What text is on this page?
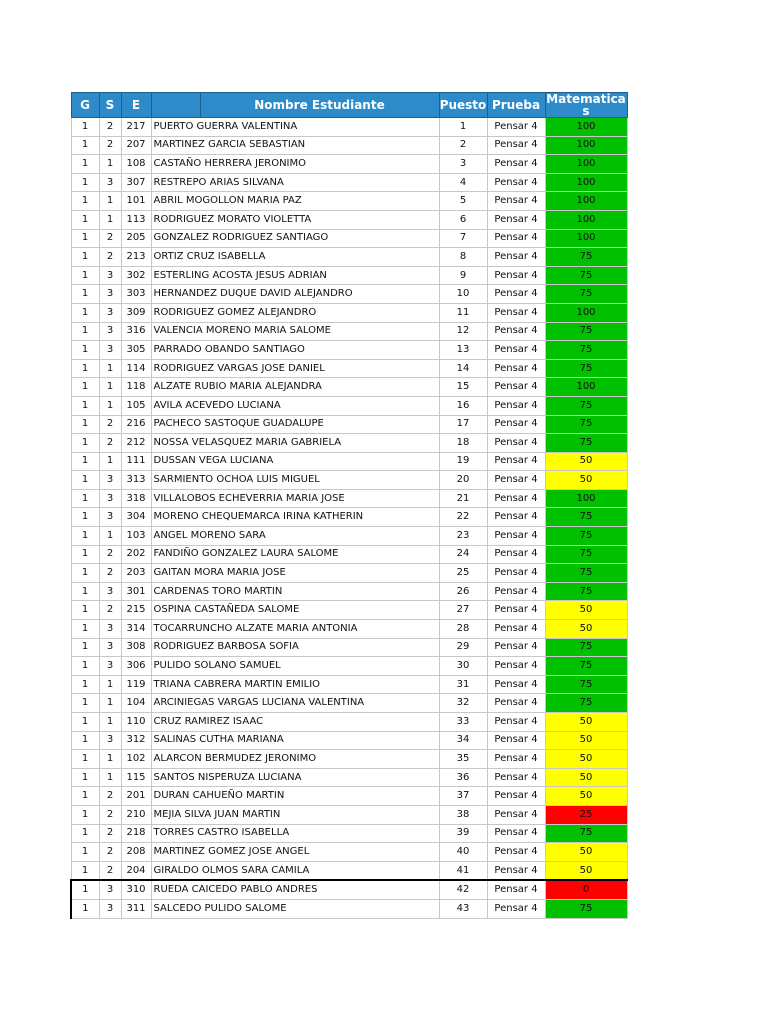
G	S	E	Nombre Estudiante	Puesto	Prueba	Matematicas
1	2	217	PUERTO GUERRA VALENTINA	1	Pensar 4	100
1	2	207	MARTINEZ GARCIA SEBASTIAN	2	Pensar 4	100
1	1	108	CASTAÑO HERRERA JERONIMO	3	Pensar 4	100
1	3	307	RESTREPO ARIAS SILVANA	4	Pensar 4	100
1	1	101	ABRIL MOGOLLON MARIA PAZ	5	Pensar 4	100
1	1	113	RODRIGUEZ MORATO VIOLETTA	6	Pensar 4	100
1	2	205	GONZALEZ RODRIGUEZ SANTIAGO	7	Pensar 4	100
1	2	213	ORTIZ CRUZ ISABELLA	8	Pensar 4	75
1	3	302	ESTERLING ACOSTA JESUS ADRIAN	9	Pensar 4	75
1	3	303	HERNANDEZ DUQUE DAVID ALEJANDRO	10	Pensar 4	75
1	3	309	RODRIGUEZ GOMEZ ALEJANDRO	11	Pensar 4	100
1	3	316	VALENCIA MORENO MARIA SALOME	12	Pensar 4	75
1	3	305	PARRADO OBANDO SANTIAGO	13	Pensar 4	75
1	1	114	RODRIGUEZ VARGAS JOSE DANIEL	14	Pensar 4	75
1	1	118	ALZATE RUBIO MARIA ALEJANDRA	15	Pensar 4	100
1	1	105	AVILA ACEVEDO LUCIANA	16	Pensar 4	75
1	2	216	PACHECO SASTOQUE GUADALUPE	17	Pensar 4	75
1	2	212	NOSSA VELASQUEZ MARIA GABRIELA	18	Pensar 4	75
1	1	111	DUSSAN VEGA LUCIANA	19	Pensar 4	50
1	3	313	SARMIENTO OCHOA LUIS MIGUEL	20	Pensar 4	50
1	3	318	VILLALOBOS ECHEVERRIA MARIA JOSE	21	Pensar 4	100
1	3	304	MORENO CHEQUEMARCA IRINA KATHERIN	22	Pensar 4	75
1	1	103	ANGEL MORENO SARA	23	Pensar 4	75
1	2	202	FANDIÑO GONZALEZ LAURA SALOME	24	Pensar 4	75
1	2	203	GAITAN MORA MARIA JOSE	25	Pensar 4	75
1	3	301	CARDENAS TORO MARTIN	26	Pensar 4	75
1	2	215	OSPINA CASTAÑEDA SALOME	27	Pensar 4	50
1	3	314	TOCARRUNCHO ALZATE MARIA ANTONIA	28	Pensar 4	50
1	3	308	RODRIGUEZ BARBOSA SOFIA	29	Pensar 4	75
1	3	306	PULIDO SOLANO SAMUEL	30	Pensar 4	75
1	1	119	TRIANA CABRERA MARTIN EMILIO	31	Pensar 4	75
1	1	104	ARCINIEGAS VARGAS LUCIANA VALENTINA	32	Pensar 4	75
1	1	110	CRUZ RAMIREZ ISAAC	33	Pensar 4	50
1	3	312	SALINAS CUTHA MARIANA	34	Pensar 4	50
1	1	102	ALARCON BERMUDEZ JERONIMO	35	Pensar 4	50
1	1	115	SANTOS NISPERUZA LUCIANA	36	Pensar 4	50
1	2	201	DURAN CAHUEÑO MARTIN	37	Pensar 4	50
1	2	210	MEJIA SILVA JUAN MARTIN	38	Pensar 4	25
1	2	218	TORRES CASTRO ISABELLA	39	Pensar 4	75
1	2	208	MARTINEZ GOMEZ JOSE ANGEL	40	Pensar 4	50
1	2	204	GIRALDO OLMOS SARA CAMILA	41	Pensar 4	50
1	3	310	RUEDA CAICEDO PABLO ANDRES	42	Pensar 4	0
1	3	311	SALCEDO PULIDO SALOME	43	Pensar 4	75
